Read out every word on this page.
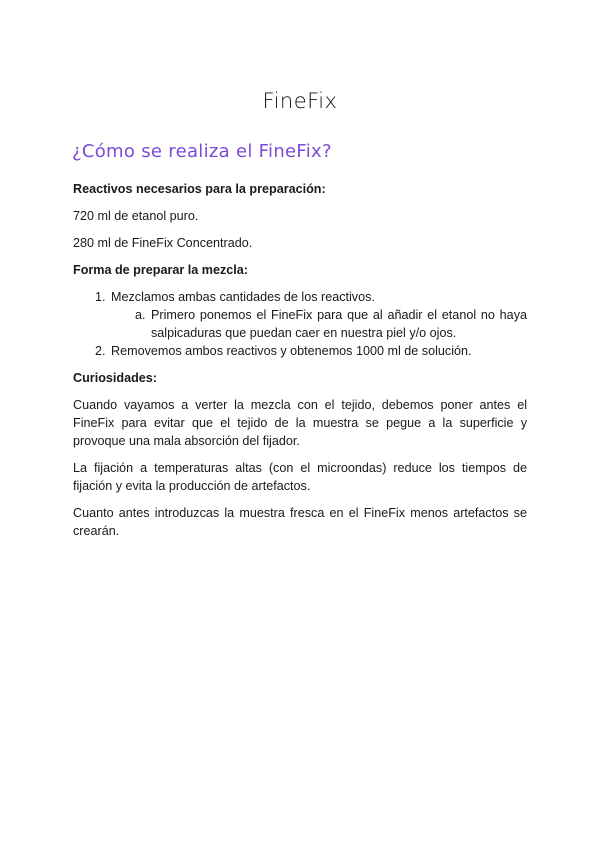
FineFix
¿Cómo se realiza el FineFix?

Reactivos necesarios para la preparación:

720 ml de etanol puro.

280 ml de FineFix Concentrado.

Forma de preparar la mezcla:

1. Mezclamos ambas cantidades de los reactivos.
a. Primero ponemos el FineFix para que al añadir el etanol no haya salpicaduras que puedan caer en nuestra piel y/o ojos.
2. Removemos ambos reactivos y obtenemos 1000 ml de solución.

Curiosidades:

Cuando vayamos a verter la mezcla con el tejido, debemos poner antes el FineFix para evitar que el tejido de la muestra se pegue a la superficie y provoque una mala absorción del fijador.

La fijación a temperaturas altas (con el microondas) reduce los tiempos de fijación y evita la producción de artefactos.

Cuanto antes introduzcas la muestra fresca en el FineFix menos artefactos se crearán.
